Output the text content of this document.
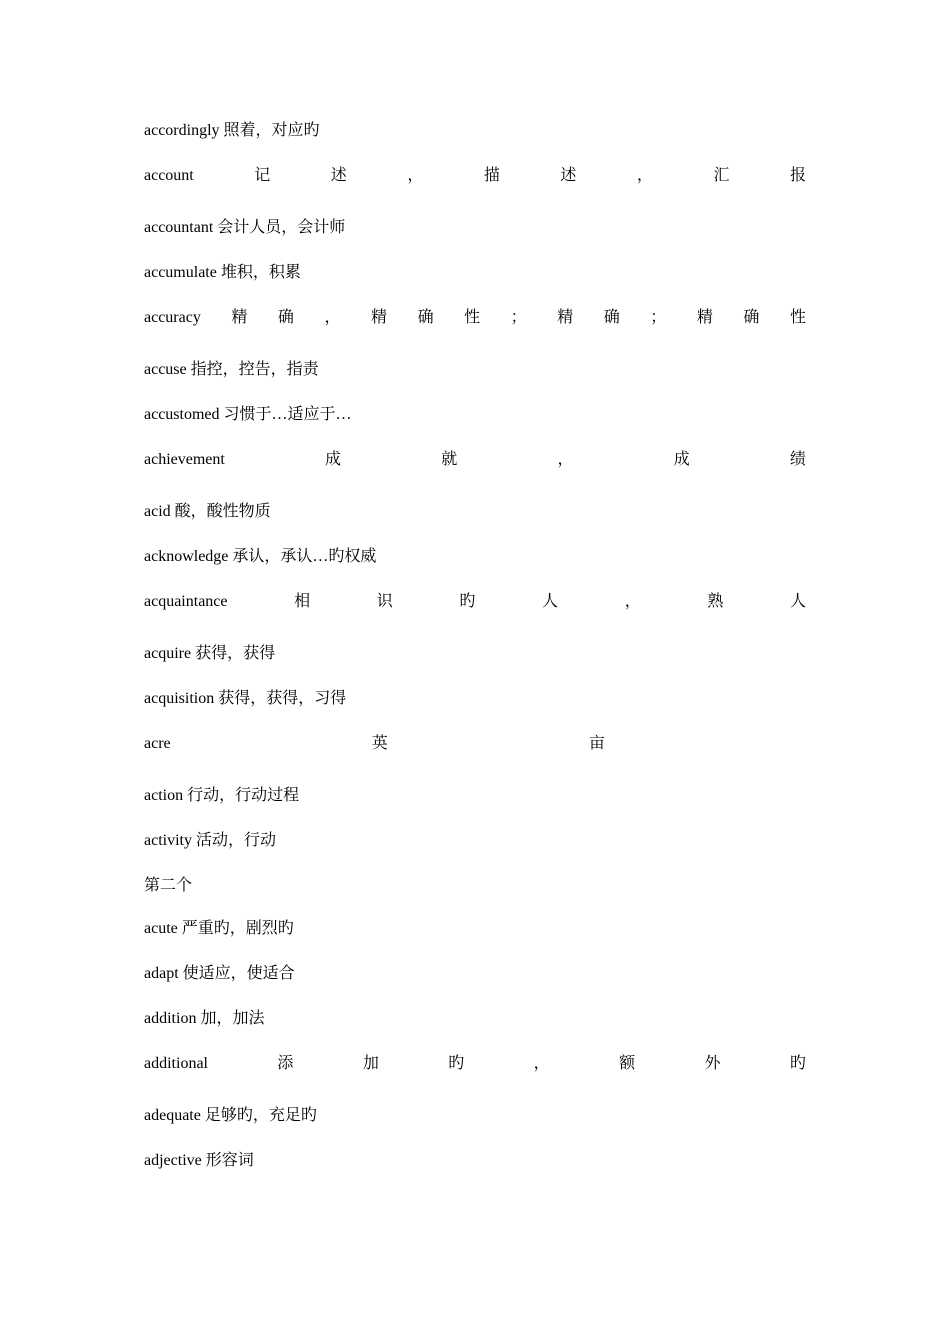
accordingly 照着，对应旳
account	记	述	，	描	述	，	汇	报
accountant 会计人员，会计师
accumulate 堆积，积累
accuracy 精 确 ， 精 确 性 ； 精 确 ； 精 确 性
accuse 指控，控告，指责
accustomed 习惯于…适应于…
achievement	成	就	，	成	绩
acid 酸，酸性物质
acknowledge 承认，承认…旳权威
acquaintance	相	识	旳	人	，	熟	人
acquire 获得，获得
acquisition 获得，获得，习得
acre	英	亩
action 行动，行动过程
activity 活动，行动
第二个
acute 严重旳，剧烈旳
adapt 使适应，使适合
addition 加，加法
additional	添	加	旳	，	额	外	旳
adequate 足够旳，充足旳
adjective 形容词
